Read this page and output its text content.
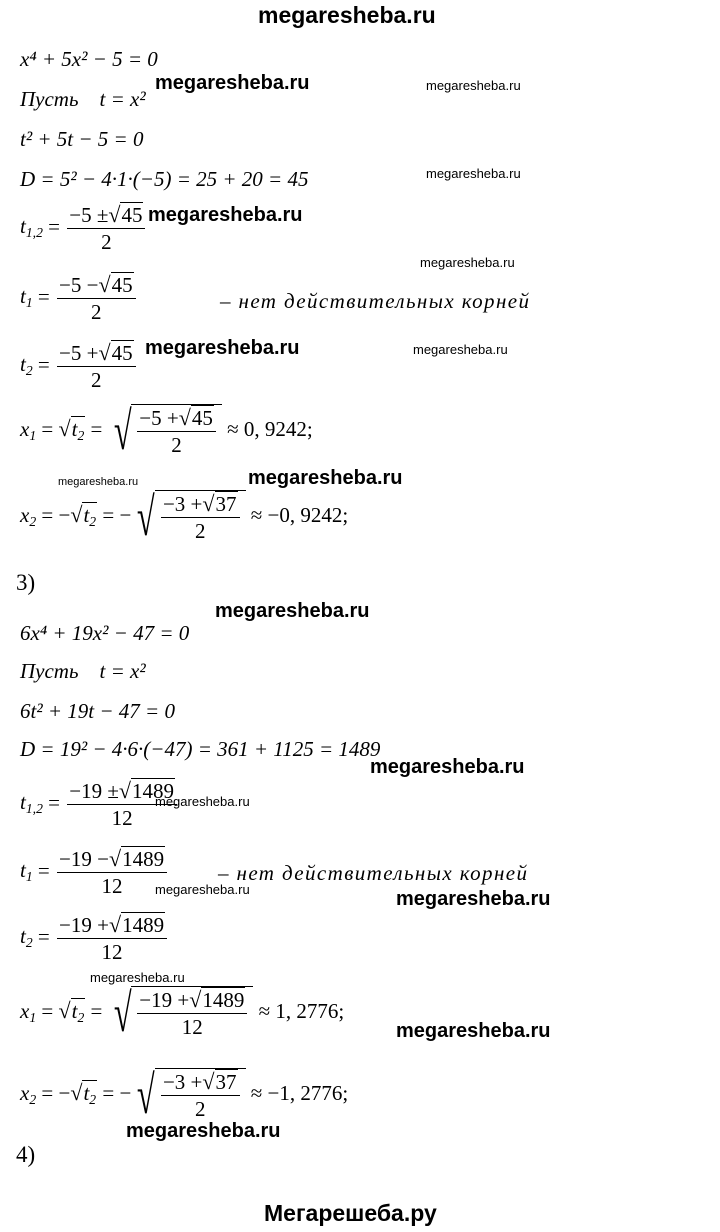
megaresheba.ru
x⁴ + 5x² − 5 = 0
Пусть t = x²
t² + 5t − 5 = 0
D = 5² − 4·1·(−5) = 25 + 20 = 45
$t_{1,2} = \frac{-5 \pm√45}{2}$
$t_1 = \frac{-5 -√45}{2}$	– нет действительных корней
$t_2 = \frac{-5 +√45}{2}$
$x_1 = √t_2$ = √ $\frac{-5 +√45}{2} \approx 0$, 9242;
$x_2 = -√t_2$ = − √ $\frac{-3 +√37}{2} \approx -0$, 9242;
3)
6x⁴ + 19x² − 47 = 0
Пусть t = x²
6t² + 19t − 47 = 0
D = 19² − 4·6·(−47) = 361 + 1125 = 1489
$t_{1,2} = \frac{-19 \pm√1489}{12}$
$t_1 = \frac{-19 -√1489}{12}$ – нет действительных корней
$t_2 = \frac{-19 +√1489}{12}$
$x_1 = √t_2$ = √ $\frac{-19 +√1489}{12} \approx 1$, 2776;
$x_2 = -√t_2$ = − √ $\frac{-3 +√37}{2} \approx -1$, 2776;
4)
megaresheba.ru	megaresheba.ru
megaresheba.ru
megaresheba.ru
megaresheba.ru
megaresheba.ru	megaresheba.ru
megaresheba.ru	megaresheba.ru
megaresheba.ru
megaresheba.ru
megaresheba.ru
megaresheba.ru	megaresheba.ru
megaresheba.ru
megaresheba.ru
megaresheba.ru
Мегарешеба.ру
